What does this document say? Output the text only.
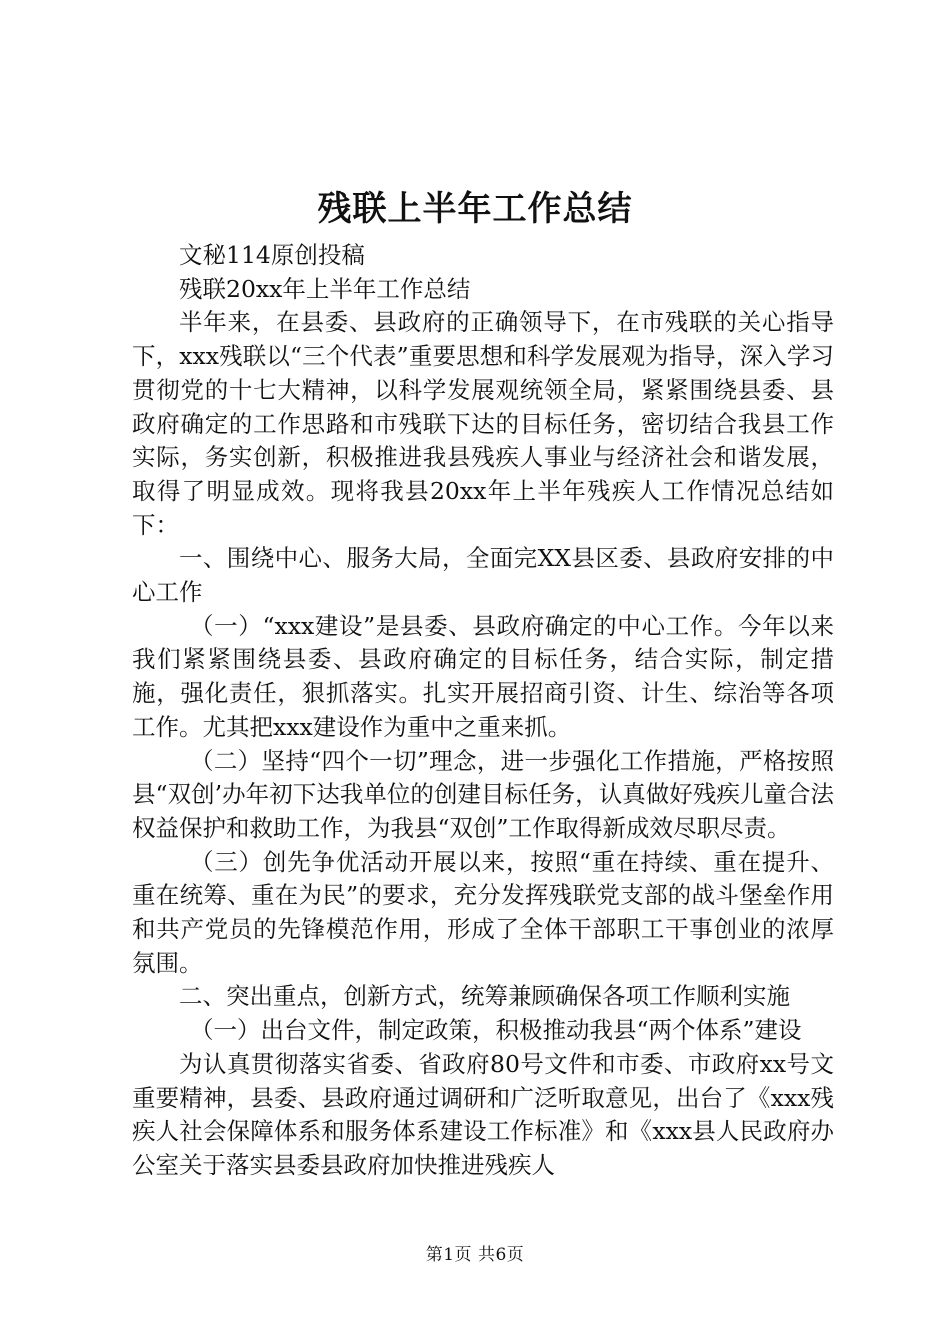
残联上半年工作总结

文秘114原创投稿

残联20xx年上半年工作总结

半年来，在县委、县政府的正确领导下，在市残联的关心指导下，xxx残联以“三个代表”重要思想和科学发展观为指导，深入学习贯彻党的十七大精神，以科学发展观统领全局，紧紧围绕县委、县政府确定的工作思路和市残联下达的目标任务，密切结合我县工作实际，务实创新，积极推进我县残疾人事业与经济社会和谐发展，取得了明显成效。现将我县20xx年上半年残疾人工作情况总结如下：

一、围绕中心、服务大局，全面完XX县区委、县政府安排的中心工作

（一）“xxx建设”是县委、县政府确定的中心工作。今年以来我们紧紧围绕县委、县政府确定的目标任务，结合实际，制定措施，强化责任，狠抓落实。扎实开展招商引资、计生、综治等各项工作。尤其把xxx建设作为重中之重来抓。

（二）坚持“四个一切”理念，进一步强化工作措施，严格按照县“双创’办年初下达我单位的创建目标任务，认真做好残疾儿童合法权益保护和救助工作，为我县“双创”工作取得新成效尽职尽责。

（三）创先争优活动开展以来，按照“重在持续、重在提升、重在统筹、重在为民”的要求，充分发挥残联党支部的战斗堡垒作用和共产党员的先锋模范作用，形成了全体干部职工干事创业的浓厚氛围。

二、突出重点，创新方式，统筹兼顾确保各项工作顺利实施

（一）出台文件，制定政策，积极推动我县“两个体系”建设

为认真贯彻落实省委、省政府80号文件和市委、市政府xx号文重要精神，县委、县政府通过调研和广泛听取意见，出台了《xxx残疾人社会保障体系和服务体系建设工作标准》和《xxx县人民政府办公室关于落实县委县政府加快推进残疾人

第1页 共6页
